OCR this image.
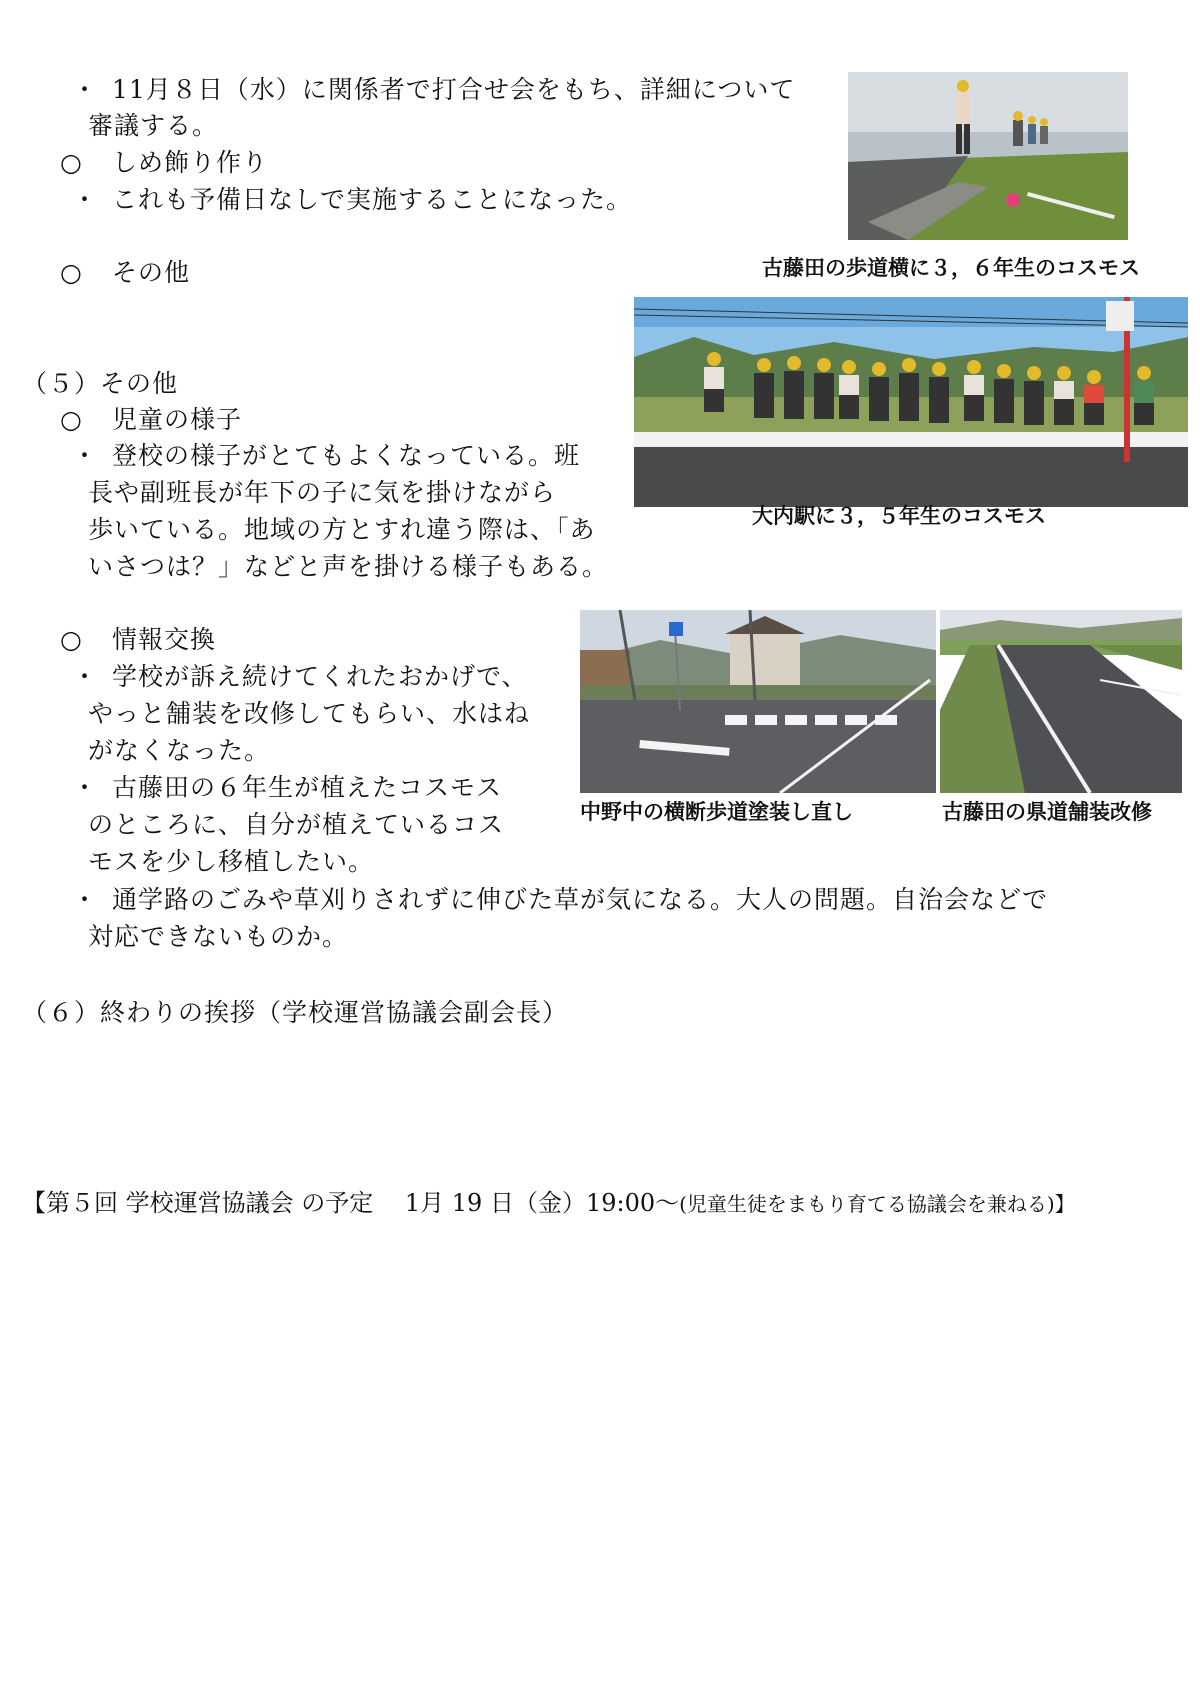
・ 11月８日（水）に関係者で打合せ会をもち、詳細について
審議する。
○ しめ飾り作り
・ これも予備日なしで実施することになった。
○ その他
（５）その他
○ 児童の様子
・ 登校の様子がとてもよくなっている。班
長や副班長が年下の子に気を掛けながら
歩いている。地域の方とすれ違う際は、「あ
いさつは？」などと声を掛ける様子もある。
○ 情報交換
・ 学校が訴え続けてくれたおかげで、
やっと舗装を改修してもらい、水はね
がなくなった。
・ 古藤田の６年生が植えたコスモス
のところに、自分が植えているコス
モスを少し移植したい。
・ 通学路のごみや草刈りされずに伸びた草が気になる。大人の問題。自治会などで
対応できないものか。
（６）終わりの挨拶（学校運営協議会副会長）
古藤田の歩道横に３，６年生のコスモス
大内駅に３，５年生のコスモス
中野中の横断歩道塗装し直し	古藤田の県道舗装改修
【第５回 学校運営協議会 の予定　 1月 19 日（金）19:00〜(児童生徒をまもり育てる協議会を兼ねる)】
